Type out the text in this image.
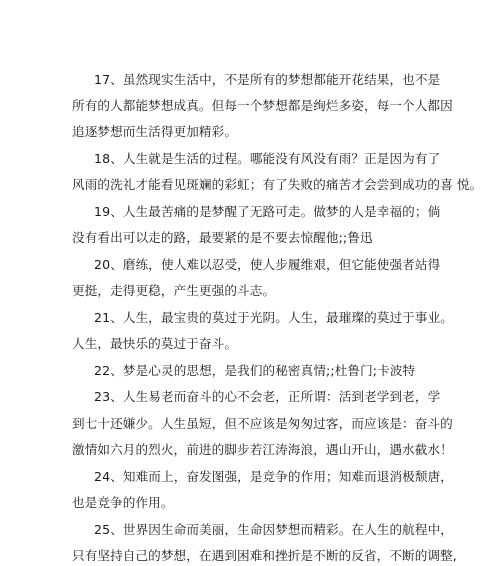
17、虽然现实生活中，不是所有的梦想都能开花结果，也不是

所有的人都能梦想成真。但每一个梦想都是绚烂多姿，每一个人都因

追逐梦想而生活得更加精彩。

18、人生就是生活的过程。哪能没有风没有雨？正是因为有了

风雨的洗礼才能看见斑斓的彩虹；有了失败的痛苦才会尝到成功的喜 悦。

19、人生最苦痛的是梦醒了无路可走。做梦的人是幸福的；倘

没有看出可以走的路，最要紧的是不要去惊醒他;;鲁迅

20、磨练，使人难以忍受，使人步履维艰，但它能使强者站得

更挺，走得更稳，产生更强的斗志。

21、人生，最宝贵的莫过于光阴。人生，最璀璨的莫过于事业。

人生，最快乐的莫过于奋斗。

22、梦是心灵的思想，是我们的秘密真情;;杜鲁门;卡波特

23、人生易老而奋斗的心不会老，正所谓：活到老学到老，学

到七十还嫌少。人生虽短，但不应该是匆匆过客，而应该是：奋斗的

激情如六月的烈火，前进的脚步若江涛海浪，遇山开山，遇水截水！

24、知难而上，奋发图强，是竞争的作用；知难而退消极颓唐，

也是竞争的作用。

25、世界因生命而美丽，生命因梦想而精彩。在人生的航程中，

只有坚持自己的梦想，在遇到困难和挫折是不断的反省，不断的调整,
